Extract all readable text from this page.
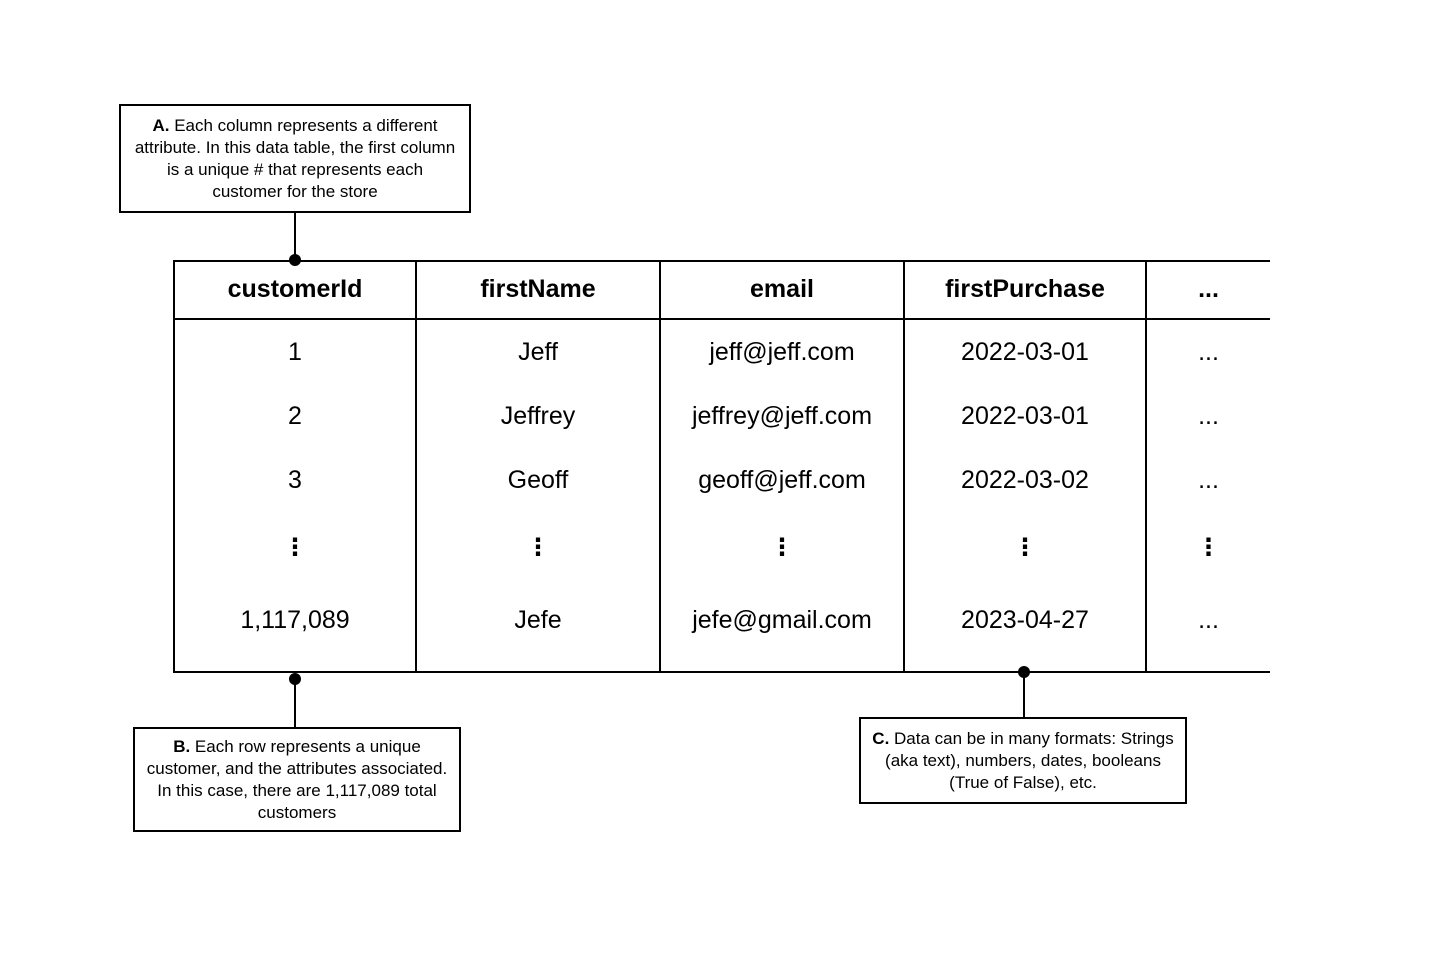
A. Each column represents a different attribute. In this data table, the first column is a unique # that represents each customer for the store
customerId	firstName	email	firstPurchase	...
1	Jeff	jeff@jeff.com	2022-03-01	...
2	Jeffrey	jeffrey@jeff.com	2022-03-01	...
3	Geoff	geoff@jeff.com	2022-03-02	...
⋮	⋮	⋮	⋮	⋮
1,117,089	Jefe	jefe@gmail.com	2023-04-27	...
B. Each row represents a unique customer, and the attributes associated. In this case, there are 1,117,089 total customers
C. Data can be in many formats: Strings (aka text), numbers, dates, booleans (True of False), etc.
